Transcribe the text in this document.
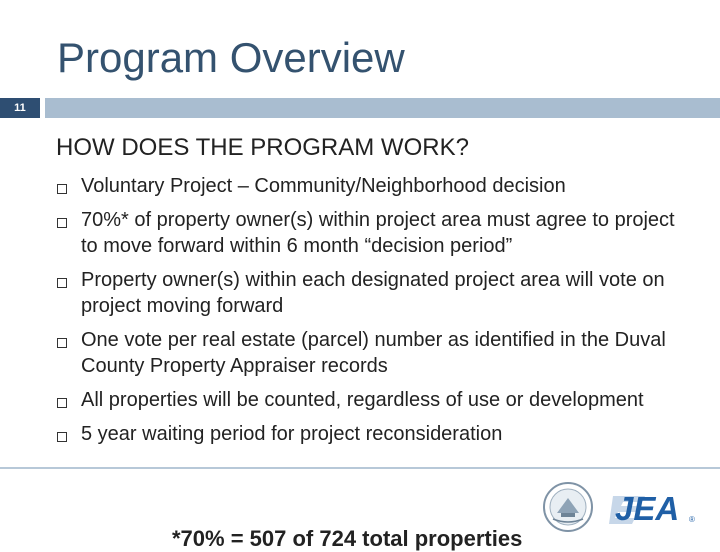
Program Overview
11
HOW DOES THE PROGRAM WORK?
Voluntary Project – Community/Neighborhood decision
70%* of property owner(s) within project area must agree to project to move forward within 6 month “decision period”
Property owner(s) within each designated project area will vote on project moving forward
One vote per real estate (parcel) number as identified in the Duval County Property Appraiser records
All properties will be counted, regardless of use or development
5 year waiting period for project reconsideration
JEA ®
*70% = 507 of 724 total properties
